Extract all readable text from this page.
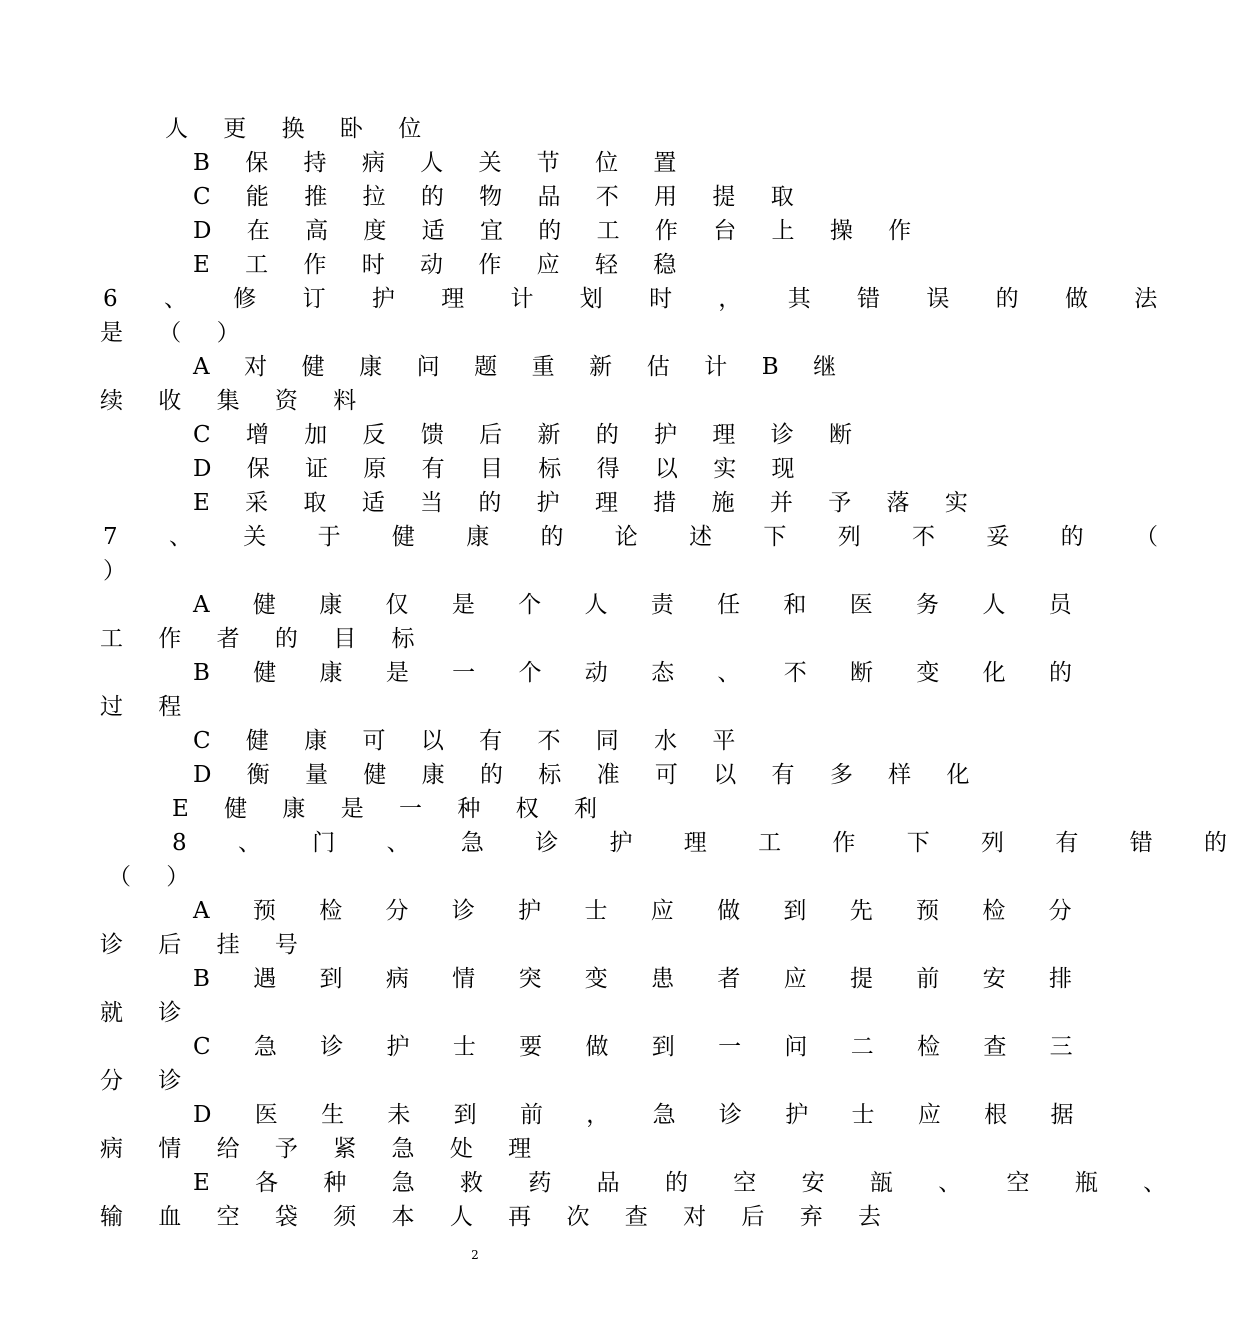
人 更 换 卧 位
B 保 持 病 人 关 节 位 置
C 能 推 拉 的 物 品 不 用 提 取
D 在 高 度 适 宜 的 工 作 台 上 操 作
E 工 作 时 动 作 应 轻 稳
6 、 修 订 护 理 计 划 时 ， 其 错 误 的 做 法
是 （ ）
A 对 健 康 问 题 重 新 估 计 B 继
续 收 集 资 料
C 增 加 反 馈 后 新 的 护 理 诊 断
D 保 证 原 有 目 标 得 以 实 现
E 采 取 适 当 的 护 理 措 施 并 予 落 实
7 、 关 于 健 康 的 论 述 下 列 不 妥 的 （
）
A 健 康 仅 是 个 人 责 任 和 医 务 人 员
工 作 者 的 目 标
B 健 康 是 一 个 动 态 、 不 断 变 化 的
过 程
C 健 康 可 以 有 不 同 水 平
D 衡 量 健 康 的 标 准 可 以 有 多 样 化
E 健 康 是 一 种 权 利
8 、 门 、 急 诊 护 理 工 作 下 列 有 错 的
（ ）
A 预 检 分 诊 护 士 应 做 到 先 预 检 分
诊 后 挂 号
B 遇 到 病 情 突 变 患 者 应 提 前 安 排
就 诊
C 急 诊 护 士 要 做 到 一 问 二 检 查 三
分 诊
D 医 生 未 到 前 ， 急 诊 护 士 应 根 据
病 情 给 予 紧 急 处 理
E 各 种 急 救 药 品 的 空 安 瓿 、 空 瓶 、
输 血 空 袋 须 本 人 再 次 查 对 后 弃 去
2
